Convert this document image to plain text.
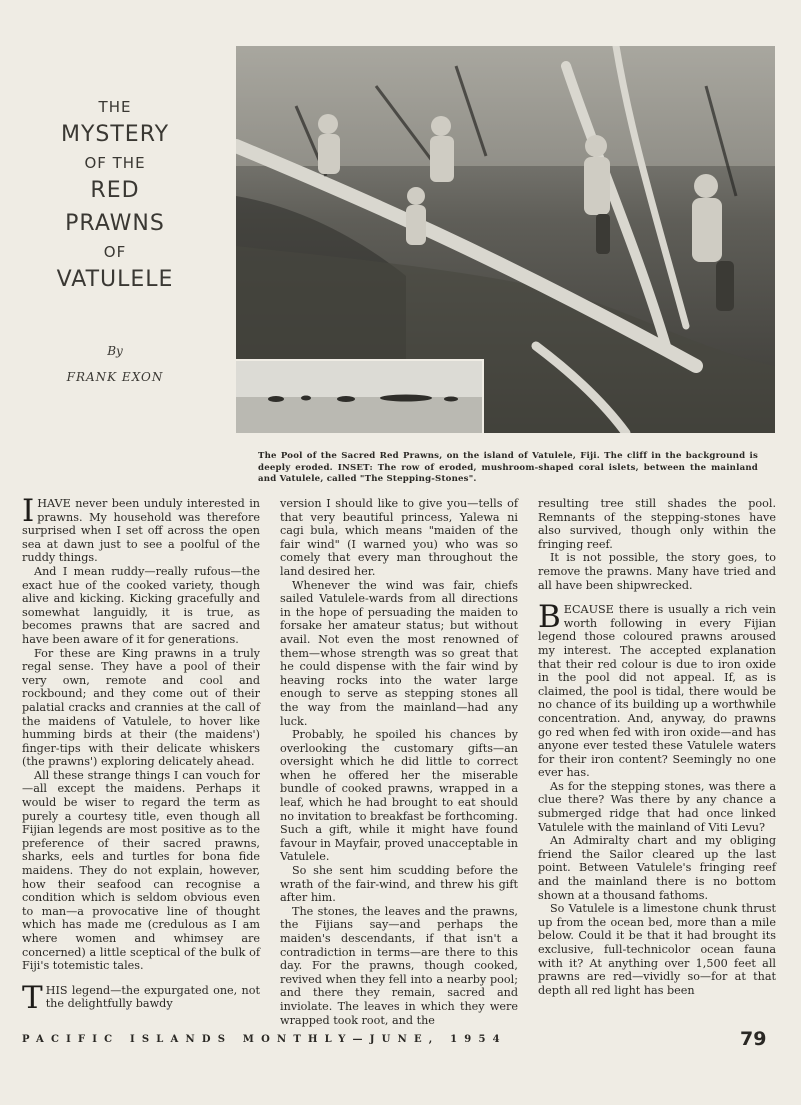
THE
MYSTERY
OF THE
RED
PRAWNS
OF
VATULELE
By
FRANK EXON

The Pool of the Sacred Red Prawns, on the island of Vatulele, Fiji. The cliff in the background is deeply eroded. INSET: The row of eroded, mushroom-shaped coral islets, between the mainland and Vatulele, called "The Stepping-Stones".

IHAVE never been unduly interested in prawns. My household was therefore surprised when I set off across the open sea at dawn just to see a poolful of the ruddy things.

And I mean ruddy—really rufous—the exact hue of the cooked variety, though alive and kicking. Kicking gracefully and somewhat languidly, it is true, as becomes prawns that are sacred and have been aware of it for generations.

For these are King prawns in a truly regal sense. They have a pool of their very own, remote and cool and rockbound; and they come out of their palatial cracks and crannies at the call of the maidens of Vatulele, to hover like humming birds at their (the maidens') finger-tips with their delicate whiskers (the prawns') exploring delicately ahead.

All these strange things I can vouch for—all except the maidens. Perhaps it would be wiser to regard the term as purely a courtesy title, even though all Fijian legends are most positive as to the preference of their sacred prawns, sharks, eels and turtles for bona fide maidens. They do not explain, however, how their seafood can recognise a condition which is seldom obvious even to man—a provocative line of thought which has made me (credulous as I am where women and whimsey are concerned) a little sceptical of the bulk of Fiji's totemistic tales.

THIS legend—the expurgated one, not the delightfully bawdy

version I should like to give you—tells of that very beautiful princess, Yalewa ni cagi bula, which means "maiden of the fair wind" (I warned you) who was so comely that every man throughout the land desired her.

Whenever the wind was fair, chiefs sailed Vatulele-wards from all directions in the hope of persuading the maiden to forsake her amateur status; but without avail. Not even the most renowned of them—whose strength was so great that he could dispense with the fair wind by heaving rocks into the water large enough to serve as stepping stones all the way from the mainland—had any luck.

Probably, he spoiled his chances by overlooking the customary gifts—an oversight which he did little to correct when he offered her the miserable bundle of cooked prawns, wrapped in a leaf, which he had brought to eat should no invitation to breakfast be forthcoming. Such a gift, while it might have found favour in Mayfair, proved unacceptable in Vatulele.

So she sent him scudding before the wrath of the fair-wind, and threw his gift after him.

The stones, the leaves and the prawns, the Fijians say—and perhaps the maiden's descendants, if that isn't a contradiction in terms—are there to this day. For the prawns, though cooked, revived when they fell into a nearby pool; and there they remain, sacred and inviolate. The leaves in which they were wrapped took root, and the

resulting tree still shades the pool. Remnants of the stepping-stones have also survived, though only within the fringing reef.

It is not possible, the story goes, to remove the prawns. Many have tried and all have been shipwrecked.

BECAUSE there is usually a rich vein worth following in every Fijian legend those coloured prawns aroused my interest. The accepted explanation that their red colour is due to iron oxide in the pool did not appeal. If, as is claimed, the pool is tidal, there would be no chance of its building up a worthwhile concentration. And, anyway, do prawns go red when fed with iron oxide—and has anyone ever tested these Vatulele waters for their iron content? Seemingly no one ever has.

As for the stepping stones, was there a clue there? Was there by any chance a submerged ridge that had once linked Vatulele with the mainland of Viti Levu?

An Admiralty chart and my obliging friend the Sailor cleared up the last point. Between Vatulele's fringing reef and the mainland there is no bottom shown at a thousand fathoms.

So Vatulele is a limestone chunk thrust up from the ocean bed, more than a mile below. Could it be that it had brought its exclusive, full-technicolor ocean fauna with it? At anything over 1,500 feet all prawns are red—vividly so—for at that depth all red light has been

PACIFIC ISLANDS MONTHLY—JUNE, 1954	79
